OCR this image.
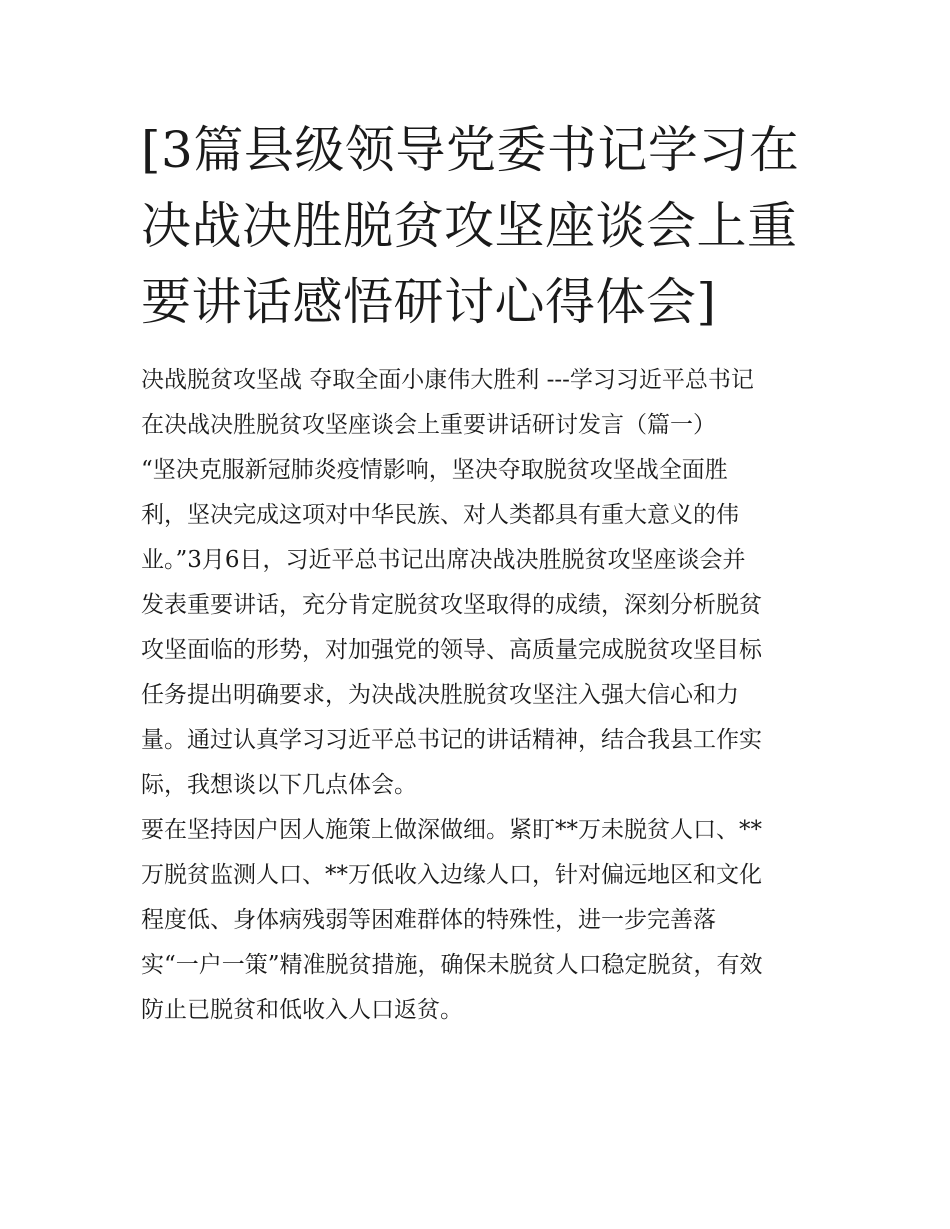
[3篇县级领导党委书记学习在
决战决胜脱贫攻坚座谈会上重
要讲话感悟研讨心得体会]
决战脱贫攻坚战 夺取全面小康伟大胜利 ---学习习近平总书记
在决战决胜脱贫攻坚座谈会上重要讲话研讨发言（篇一）
“坚决克服新冠肺炎疫情影响，坚决夺取脱贫攻坚战全面胜
利，坚决完成这项对中华民族、对人类都具有重大意义的伟
业。”3月6日，习近平总书记出席决战决胜脱贫攻坚座谈会并
发表重要讲话，充分肯定脱贫攻坚取得的成绩，深刻分析脱贫
攻坚面临的形势，对加强党的领导、高质量完成脱贫攻坚目标
任务提出明确要求，为决战决胜脱贫攻坚注入强大信心和力
量。通过认真学习习近平总书记的讲话精神，结合我县工作实
际，我想谈以下几点体会。
要在坚持因户因人施策上做深做细。紧盯**万未脱贫人口、**
万脱贫监测人口、**万低收入边缘人口，针对偏远地区和文化
程度低、身体病残弱等困难群体的特殊性，进一步完善落
实“一户一策”精准脱贫措施，确保未脱贫人口稳定脱贫，有效
防止已脱贫和低收入人口返贫。
